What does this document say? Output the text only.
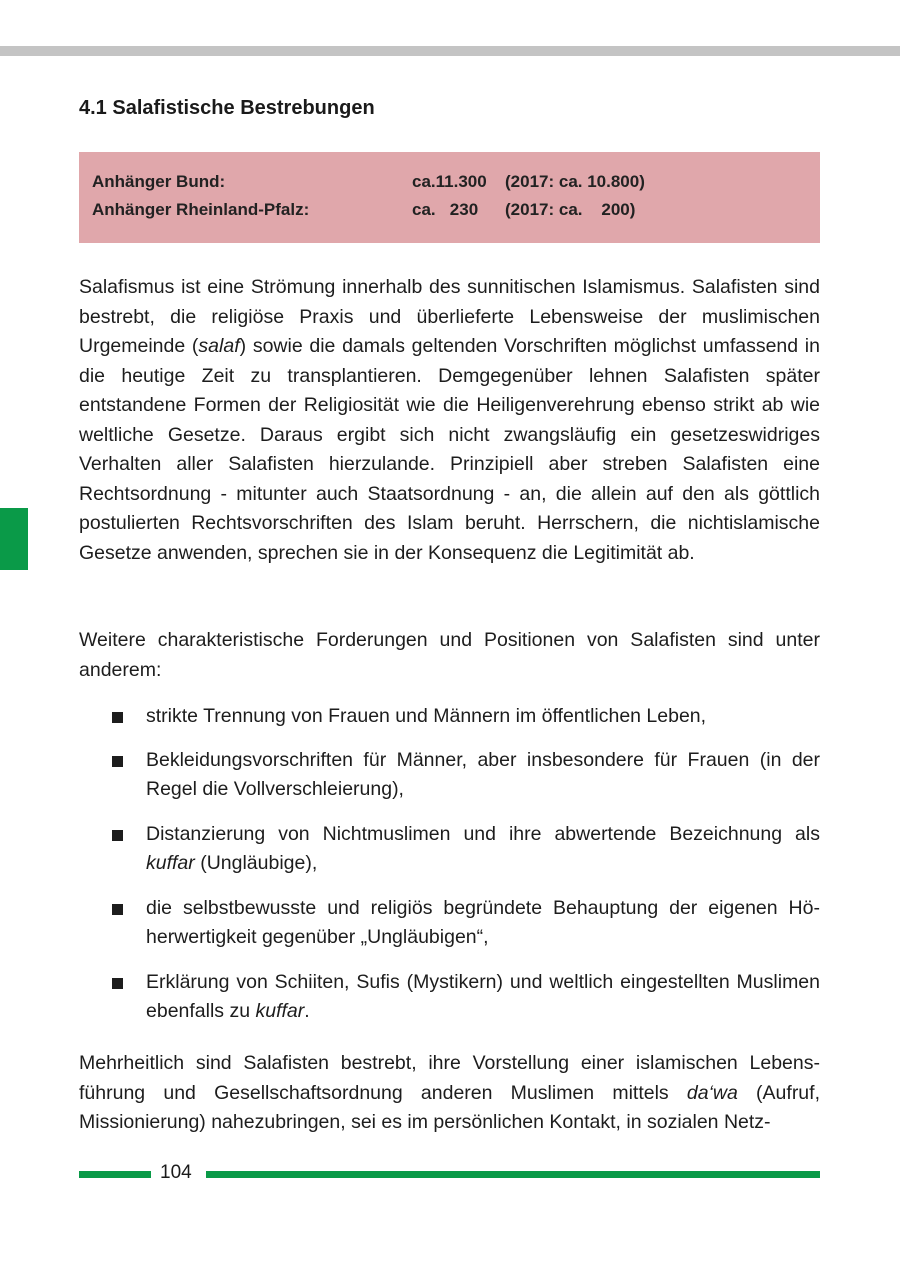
4.1 Salafistische Bestrebungen
Anhänger Bund:	ca.11.300 (2017: ca. 10.800)
Anhänger Rheinland-Pfalz:	ca.   230 (2017: ca.    200)

Salafismus ist eine Strömung innerhalb des sunnitischen Islamismus. Salafisten sind bestrebt, die religiöse Praxis und überlieferte Lebensweise der muslimischen Urgemeinde (salaf) sowie die damals geltenden Vorschriften möglichst umfassend in die heutige Zeit zu transplantieren. Demgegenüber lehnen Salafisten später entstandene Formen der Religiosität wie die Heiligenverehrung ebenso strikt ab wie weltliche Gesetze. Daraus ergibt sich nicht zwangsläufig ein gesetzeswidriges Verhalten aller Salafisten hierzulande. Prinzipiell aber streben Salafisten eine Rechtsordnung - mitunter auch Staatsordnung - an, die allein auf den als göttlich postulierten Rechtsvorschriften des Islam beruht. Herrschern, die nichtislamische Gesetze anwenden, sprechen sie in der Konsequenz die Legitimität ab.

Weitere charakteristische Forderungen und Positionen von Salafisten sind unter anderem:

strikte Trennung von Frauen und Männern im öffentlichen Leben,
Bekleidungsvorschriften für Männer, aber insbesondere für Frauen (in der Regel die Vollverschleierung),
Distanzierung von Nichtmuslimen und ihre abwertende Bezeichnung als kuffar (Ungläubige),
die selbstbewusste und religiös begründete Behauptung der eigenen Höherwertigkeit gegenüber „Ungläubigen“,
Erklärung von Schiiten, Sufis (Mystikern) und weltlich eingestellten Muslimen ebenfalls zu kuffar.

Mehrheitlich sind Salafisten bestrebt, ihre Vorstellung einer islamischen Lebensführung und Gesellschaftsordnung anderen Muslimen mittels da‘wa (Aufruf, Missionierung) nahezubringen, sei es im persönlichen Kontakt, in sozialen Netz-

104
